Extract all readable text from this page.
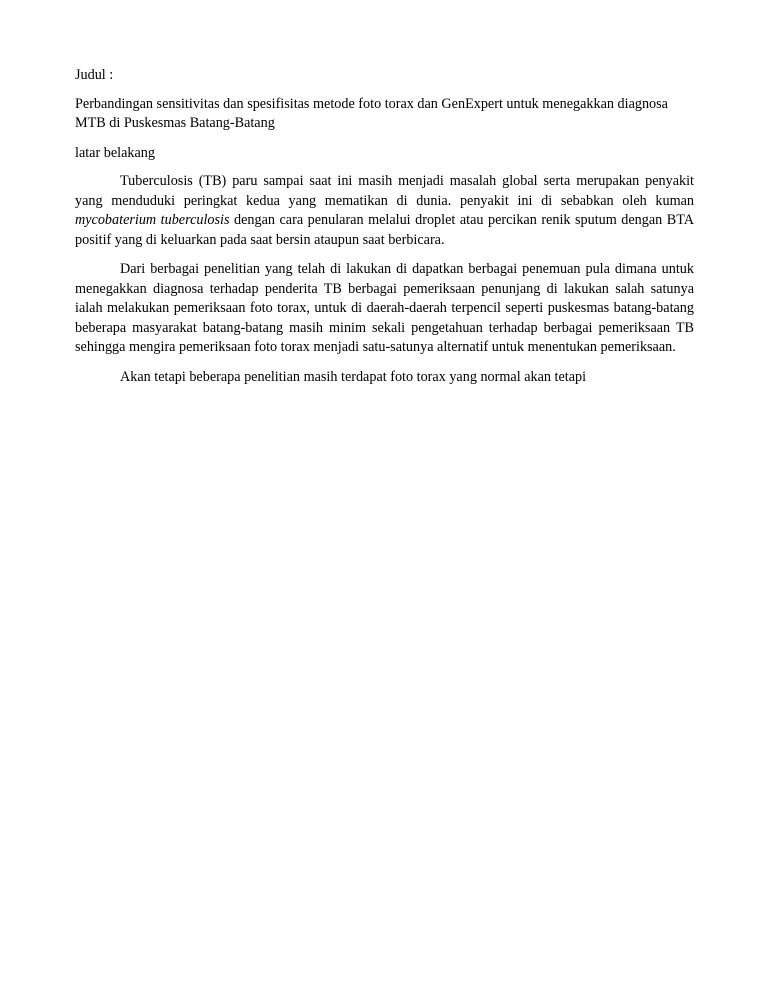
Judul :

Perbandingan sensitivitas dan spesifisitas metode foto torax dan GenExpert untuk menegakkan diagnosa MTB di Puskesmas Batang-Batang

latar belakang

Tuberculosis (TB) paru sampai saat ini masih menjadi masalah global serta merupakan penyakit yang menduduki peringkat kedua yang mematikan di dunia. penyakit ini di sebabkan oleh kuman mycobaterium tuberculosis dengan cara penularan melalui droplet atau percikan renik sputum dengan BTA positif yang di keluarkan pada saat bersin ataupun saat berbicara.

Dari berbagai penelitian yang telah di lakukan di dapatkan berbagai penemuan pula dimana untuk menegakkan diagnosa terhadap penderita TB berbagai pemeriksaan penunjang di lakukan salah satunya ialah melakukan pemeriksaan foto torax, untuk di daerah-daerah terpencil seperti puskesmas batang-batang beberapa masyarakat batang-batang masih minim sekali pengetahuan terhadap berbagai pemeriksaan TB sehingga mengira pemeriksaan foto torax menjadi satu-satunya alternatif untuk menentukan pemeriksaan.

Akan tetapi beberapa penelitian masih terdapat foto torax yang normal akan tetapi
